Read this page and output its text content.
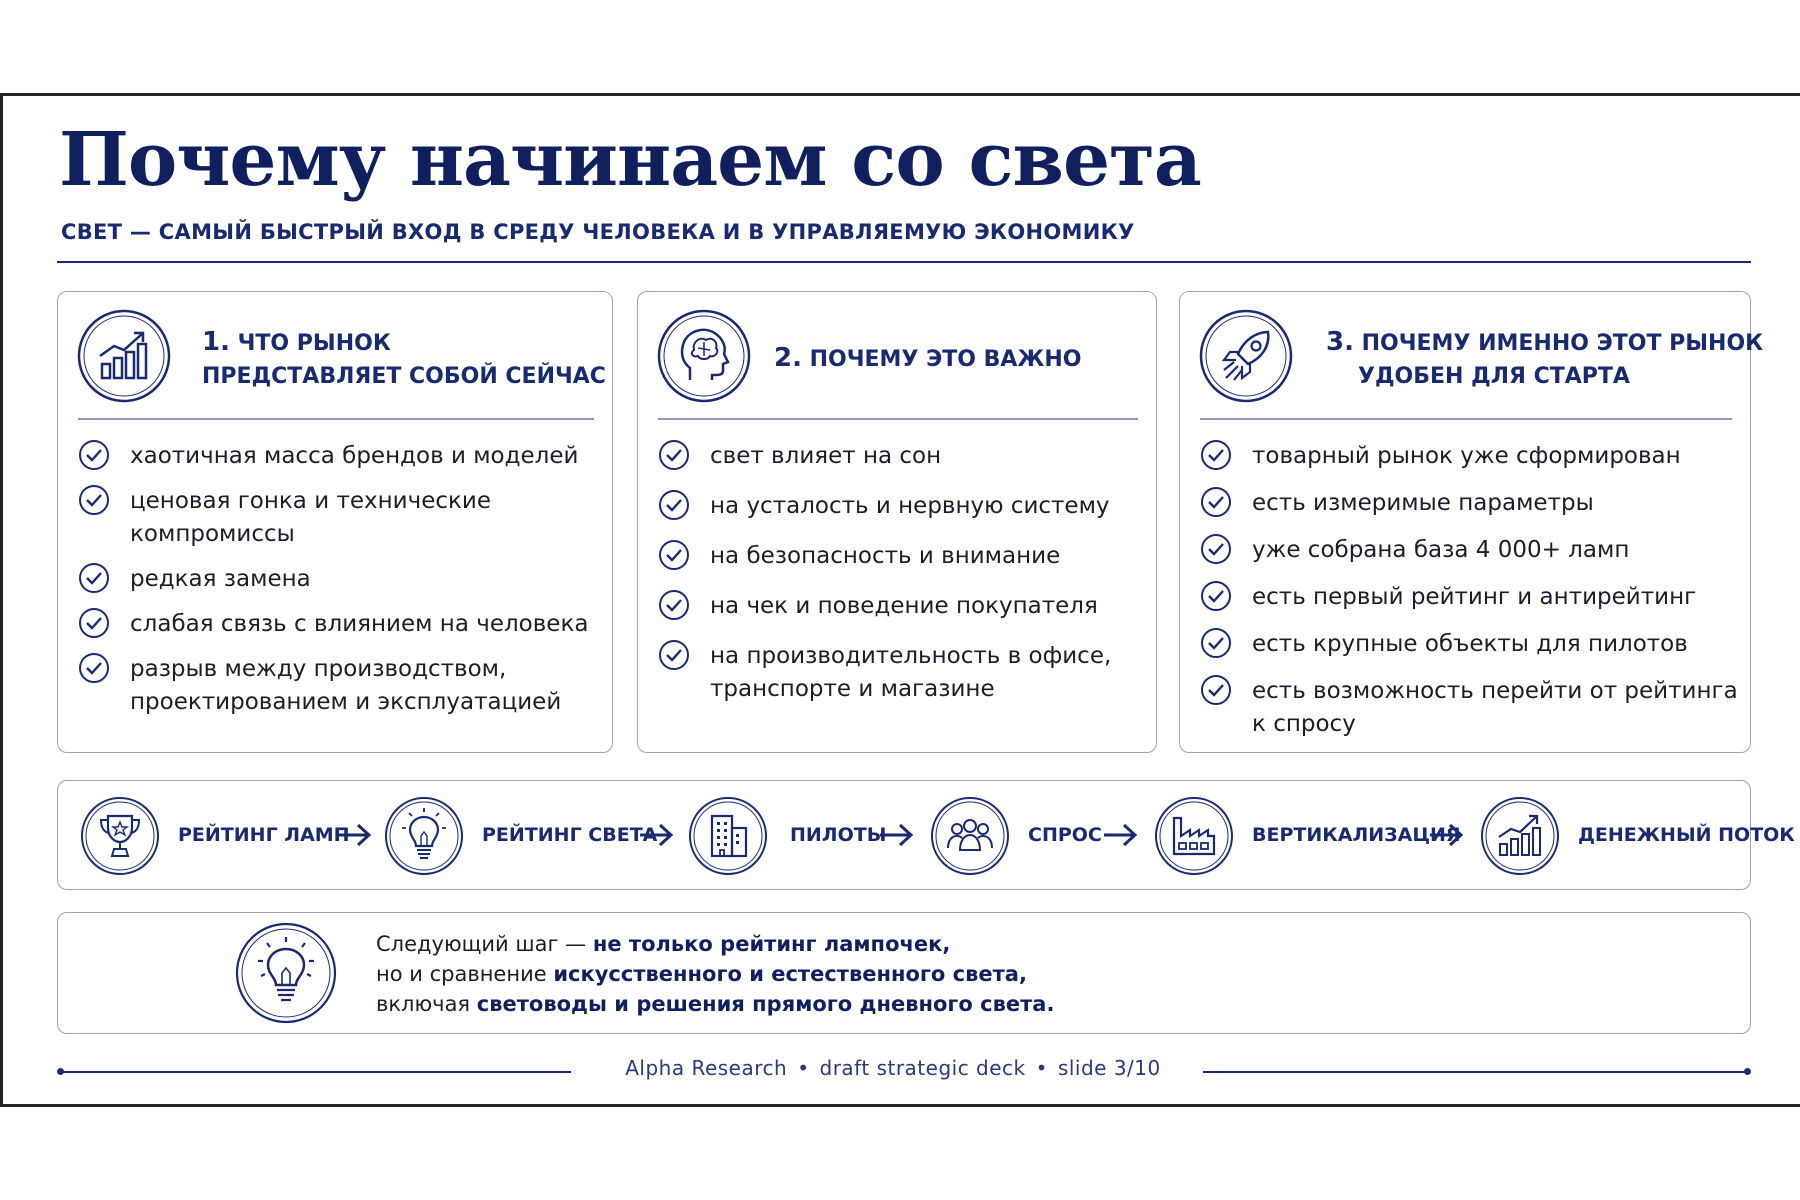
Почему начинаем со света
СВЕТ — САМЫЙ БЫСТРЫЙ ВХОД В СРЕДУ ЧЕЛОВЕКА И В УПРАВЛЯЕМУЮ ЭКОНОМИКУ
1. ЧТО РЫНОК
ПРЕДСТАВЛЯЕТ СОБОЙ СЕЙЧАС
хаотичная масса брендов и моделей
ценовая гонка и технические
компромиссы
редкая замена
слабая связь с влиянием на человека
разрыв между производством,
проектированием и эксплуатацией
2. ПОЧЕМУ ЭТО ВАЖНО
свет влияет на сон
на усталость и нервную систему
на безопасность и внимание
на чек и поведение покупателя
на производительность в офисе,
транспорте и магазине
3. ПОЧЕМУ ИМЕННО ЭТОТ РЫНОК
УДОБЕН ДЛЯ СТАРТА
товарный рынок уже сформирован
есть измеримые параметры
уже собрана база 4 000+ ламп
есть первый рейтинг и антирейтинг
есть крупные объекты для пилотов
есть возможность перейти от рейтинга
к спросу
РЕЙТИНГ ЛАМП	РЕЙТИНГ СВЕТА	ПИЛОТЫ	СПРОС	ВЕРТИКАЛИЗАЦИЯ	ДЕНЕЖНЫЙ ПОТОК
Следующий шаг — не только рейтинг лампочек,
но и сравнение искусственного и естественного света,
включая световоды и решения прямого дневного света.
Alpha Research • draft strategic deck • slide 3/10
